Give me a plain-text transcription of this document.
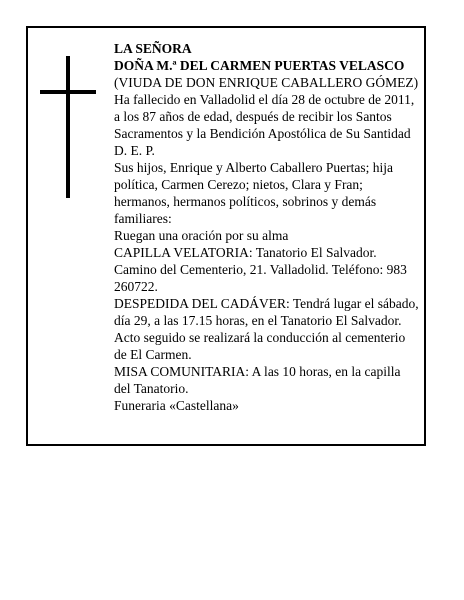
LA SEÑORA

DOÑA M.ª DEL CARMEN PUERTAS VELASCO

(VIUDA DE DON ENRIQUE CABALLERO GÓMEZ)

Ha fallecido en Valladolid el día 28 de octubre de 2011, a los 87 años de edad, después de recibir los Santos Sacramentos y la Bendición Apostólica de Su Santidad D. E. P.

Sus hijos, Enrique y Alberto Caballero Puertas; hija política, Carmen Cerezo; nietos, Clara y Fran; hermanos, hermanos políticos, sobrinos y demás familiares:

Ruegan una oración por su alma

CAPILLA VELATORIA: Tanatorio El Salvador. Camino del Cementerio, 21. Valladolid. Teléfono: 983 260722.

DESPEDIDA DEL CADÁVER: Tendrá lugar el sábado, día 29, a las 17.15 horas, en el Tanatorio El Salvador. Acto seguido se realizará la conducción al cementerio de El Carmen.

MISA COMUNITARIA: A las 10 horas, en la capilla del Tanatorio.

Funeraria «Castellana»
